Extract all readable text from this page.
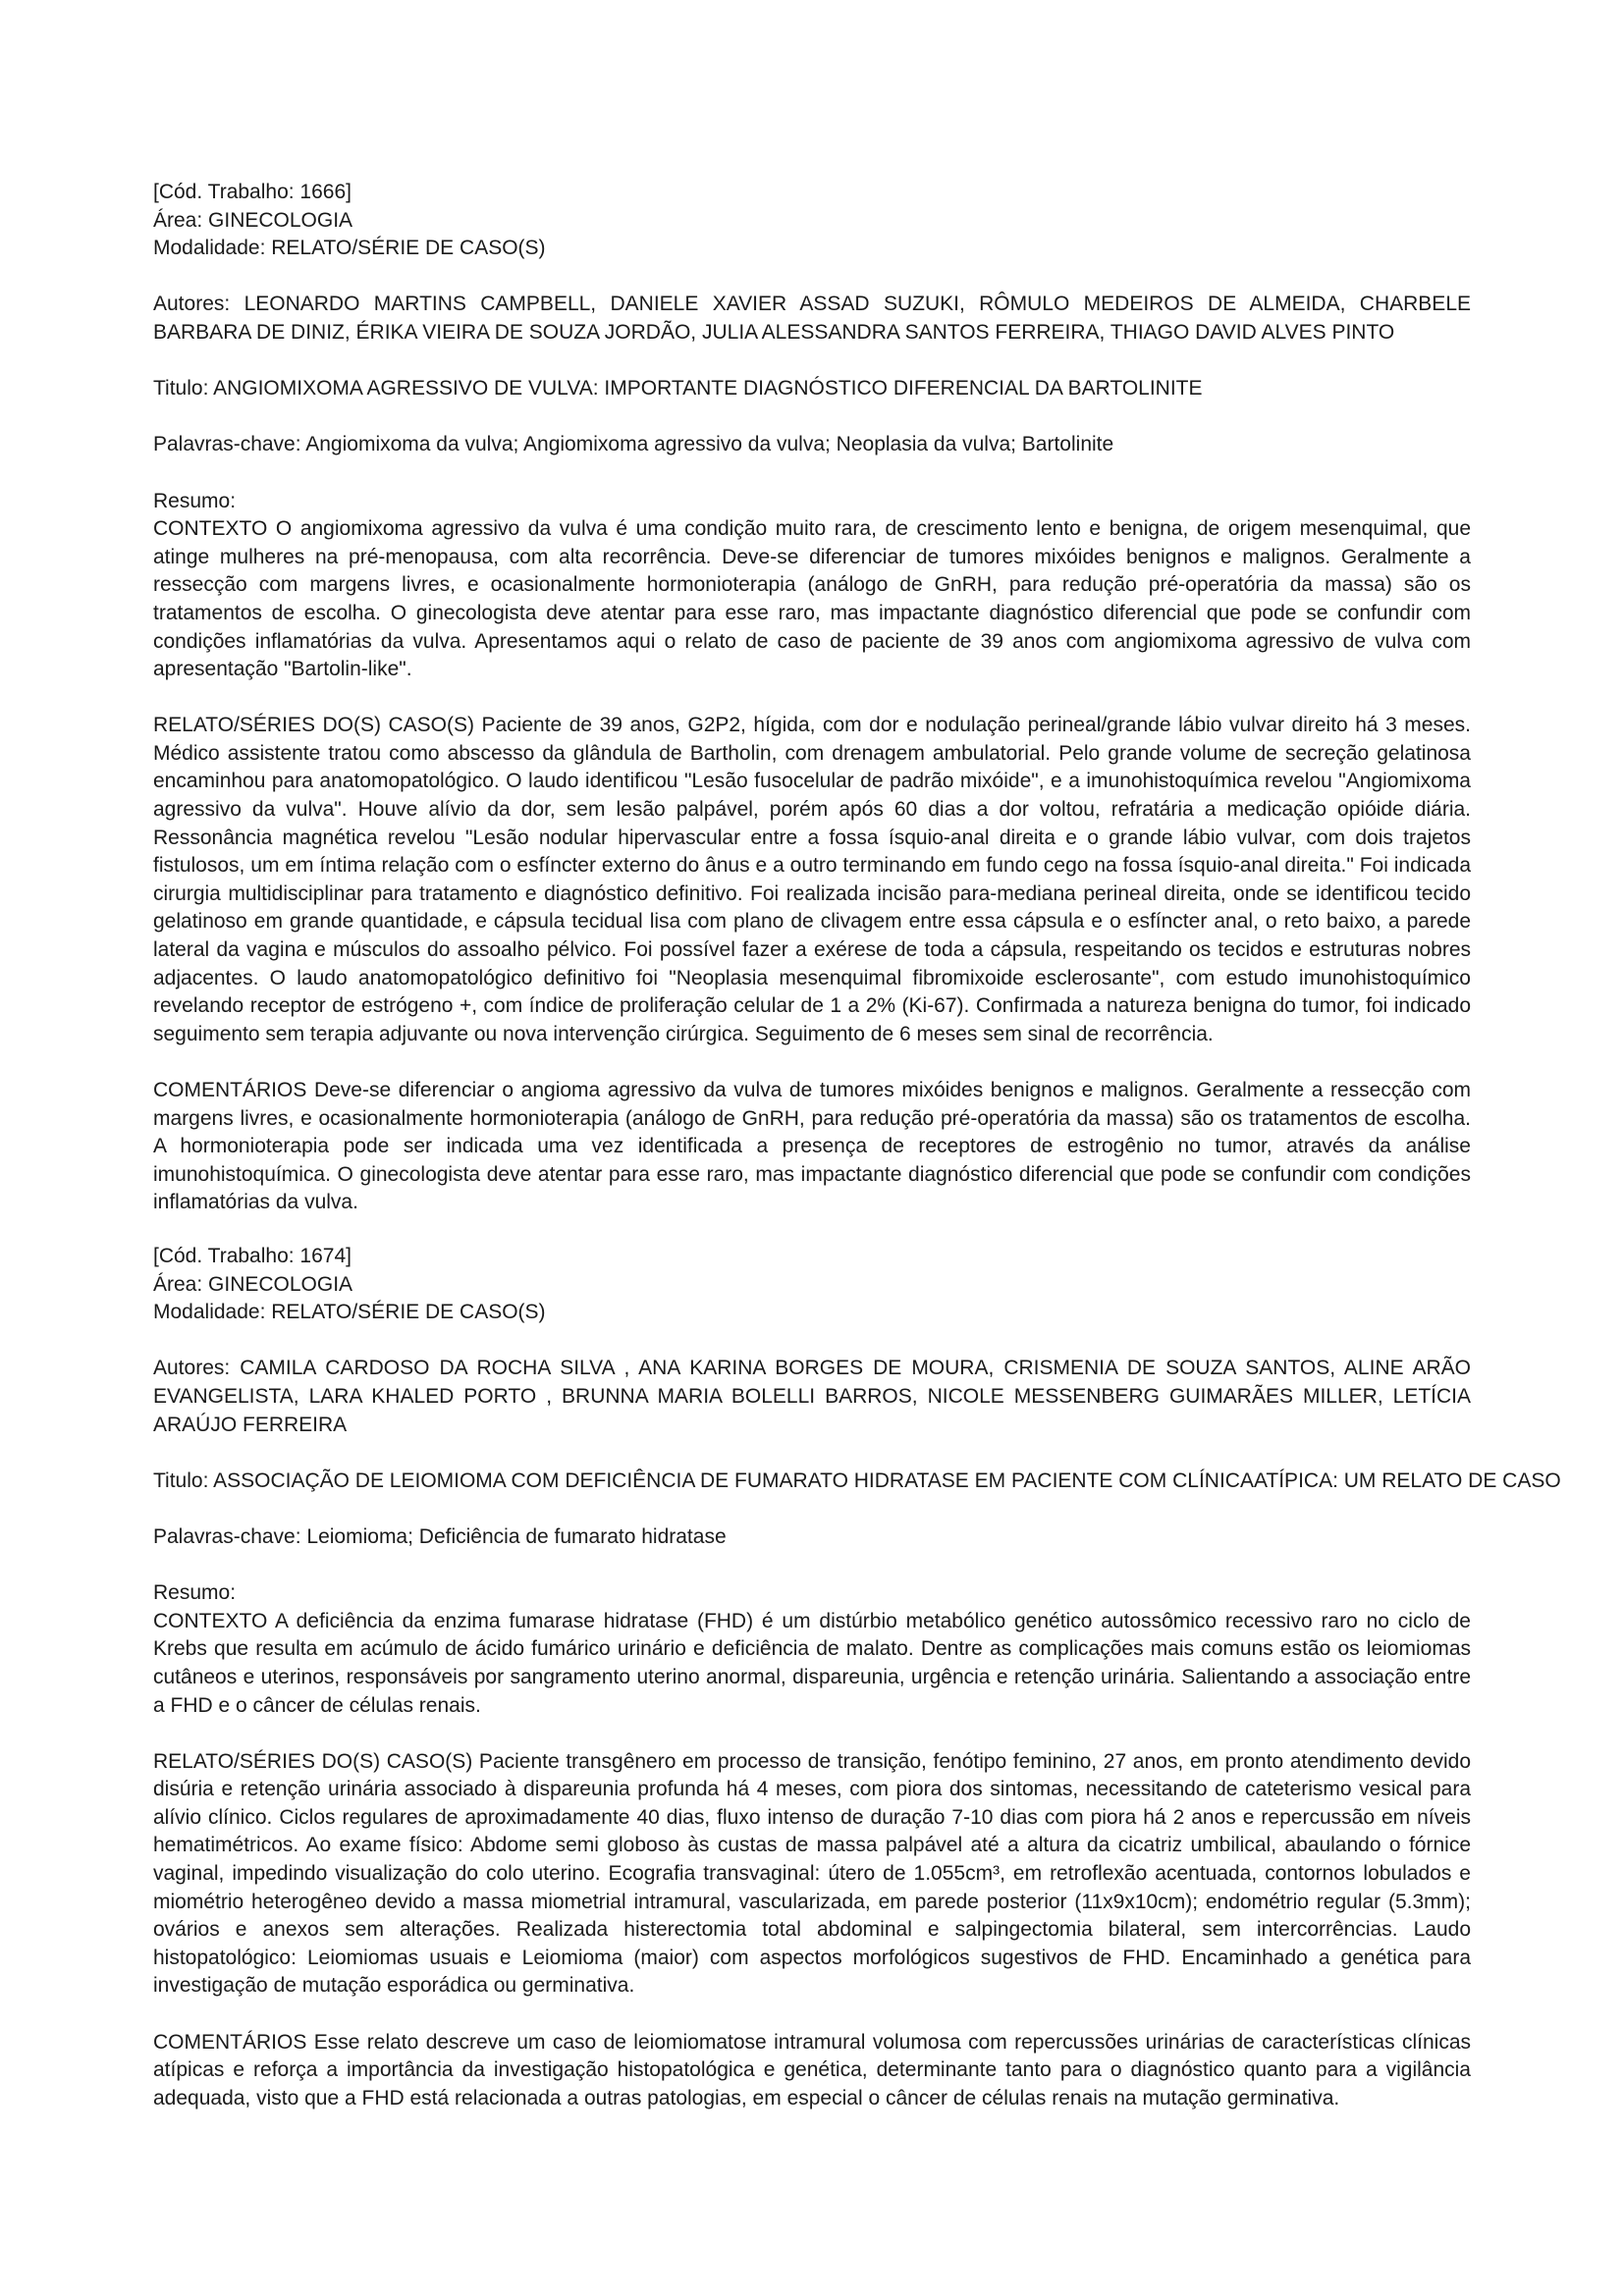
[Cód. Trabalho: 1666]

Área: GINECOLOGIA

Modalidade: RELATO/SÉRIE DE CASO(S)

Autores: LEONARDO MARTINS CAMPBELL, DANIELE XAVIER ASSAD SUZUKI, RÔMULO MEDEIROS DE ALMEIDA, CHARBELE BARBARA DE DINIZ, ÉRIKA VIEIRA DE SOUZA JORDÃO, JULIA ALESSANDRA SANTOS FERREIRA, THIAGO DAVID ALVES PINTO

Titulo: ANGIOMIXOMA AGRESSIVO DE VULVA: IMPORTANTE DIAGNÓSTICO DIFERENCIAL DA BARTOLINITE

Palavras-chave: Angiomixoma da vulva; Angiomixoma agressivo da vulva; Neoplasia da vulva; Bartolinite

Resumo:

CONTEXTO O angiomixoma agressivo da vulva é uma condição muito rara, de crescimento lento e benigna, de origem mesenquimal, que atinge mulheres na pré-menopausa, com alta recorrência. Deve-se diferenciar de tumores mixóides benignos e malignos. Geralmente a ressecção com margens livres, e ocasionalmente hormonioterapia (análogo de GnRH, para redução pré-operatória da massa) são os tratamentos de escolha. O ginecologista deve atentar para esse raro, mas impactante diagnóstico diferencial que pode se confundir com condições inflamatórias da vulva. Apresentamos aqui o relato de caso de paciente de 39 anos com angiomixoma agressivo de vulva com apresentação "Bartolin-like".

RELATO/SÉRIES DO(S) CASO(S) Paciente de 39 anos, G2P2, hígida, com dor e nodulação perineal/grande lábio vulvar direito há 3 meses. Médico assistente tratou como abscesso da glândula de Bartholin, com drenagem ambulatorial. Pelo grande volume de secreção gelatinosa encaminhou para anatomopatológico. O laudo identificou "Lesão fusocelular de padrão mixóide", e a imunohistoquímica revelou "Angiomixoma agressivo da vulva". Houve alívio da dor, sem lesão palpável, porém após 60 dias a dor voltou, refratária a medicação opióide diária. Ressonância magnética revelou "Lesão nodular hipervascular entre a fossa ísquio-anal direita e o grande lábio vulvar, com dois trajetos fistulosos, um em íntima relação com o esfíncter externo do ânus e a outro terminando em fundo cego na fossa ísquio-anal direita." Foi indicada cirurgia multidisciplinar para tratamento e diagnóstico definitivo. Foi realizada incisão para-mediana perineal direita, onde se identificou tecido gelatinoso em grande quantidade, e cápsula tecidual lisa com plano de clivagem entre essa cápsula e o esfíncter anal, o reto baixo, a parede lateral da vagina e músculos do assoalho pélvico. Foi possível fazer a exérese de toda a cápsula, respeitando os tecidos e estruturas nobres adjacentes. O laudo anatomopatológico definitivo foi "Neoplasia mesenquimal fibromixoide esclerosante", com estudo imunohistoquímico revelando receptor de estrógeno +, com índice de proliferação celular de 1 a 2% (Ki-67). Confirmada a natureza benigna do tumor, foi indicado seguimento sem terapia adjuvante ou nova intervenção cirúrgica. Seguimento de 6 meses sem sinal de recorrência.

COMENTÁRIOS Deve-se diferenciar o angioma agressivo da vulva de tumores mixóides benignos e malignos. Geralmente a ressecção com margens livres, e ocasionalmente hormonioterapia (análogo de GnRH, para redução pré-operatória da massa) são os tratamentos de escolha. A hormonioterapia pode ser indicada uma vez identificada a presença de receptores de estrogênio no tumor, através da análise imunohistoquímica. O ginecologista deve atentar para esse raro, mas impactante diagnóstico diferencial que pode se confundir com condições inflamatórias da vulva.

[Cód. Trabalho: 1674]

Área: GINECOLOGIA

Modalidade: RELATO/SÉRIE DE CASO(S)

Autores: CAMILA CARDOSO DA ROCHA SILVA , ANA KARINA BORGES DE MOURA, CRISMENIA DE SOUZA SANTOS, ALINE ARÃO EVANGELISTA, LARA KHALED PORTO , BRUNNA MARIA BOLELLI BARROS, NICOLE MESSENBERG GUIMARÃES MILLER, LETÍCIA ARAÚJO FERREIRA

Titulo: ASSOCIAÇÃO DE LEIOMIOMA COM DEFICIÊNCIA DE FUMARATO HIDRATASE EM PACIENTE COM CLÍNICAATÍPICA: UM RELATO DE CASO

Palavras-chave: Leiomioma; Deficiência de fumarato hidratase

Resumo:

CONTEXTO A deficiência da enzima fumarase hidratase (FHD) é um distúrbio metabólico genético autossômico recessivo raro no ciclo de Krebs que resulta em acúmulo de ácido fumárico urinário e deficiência de malato. Dentre as complicações mais comuns estão os leiomiomas cutâneos e uterinos, responsáveis por sangramento uterino anormal, dispareunia, urgência e retenção urinária. Salientando a associação entre a FHD e o câncer de células renais.

RELATO/SÉRIES DO(S) CASO(S) Paciente transgênero em processo de transição, fenótipo feminino, 27 anos, em pronto atendimento devido disúria e retenção urinária associado à dispareunia profunda há 4 meses, com piora dos sintomas, necessitando de cateterismo vesical para alívio clínico. Ciclos regulares de aproximadamente 40 dias, fluxo intenso de duração 7-10 dias com piora há 2 anos e repercussão em níveis hematimétricos. Ao exame físico: Abdome semi globoso às custas de massa palpável até a altura da cicatriz umbilical, abaulando o fórnice vaginal, impedindo visualização do colo uterino. Ecografia transvaginal: útero de 1.055cm³, em retroflexão acentuada, contornos lobulados e miométrio heterogêneo devido a massa miometrial intramural, vascularizada, em parede posterior (11x9x10cm); endométrio regular (5.3mm); ovários e anexos sem alterações. Realizada histerectomia total abdominal e salpingectomia bilateral, sem intercorrências. Laudo histopatológico: Leiomiomas usuais e Leiomioma (maior) com aspectos morfológicos sugestivos de FHD. Encaminhado a genética para investigação de mutação esporádica ou germinativa.

COMENTÁRIOS Esse relato descreve um caso de leiomiomatose intramural volumosa com repercussões urinárias de características clínicas atípicas e reforça a importância da investigação histopatológica e genética, determinante tanto para o diagnóstico quanto para a vigilância adequada, visto que a FHD está relacionada a outras patologias, em especial o câncer de células renais na mutação germinativa.
